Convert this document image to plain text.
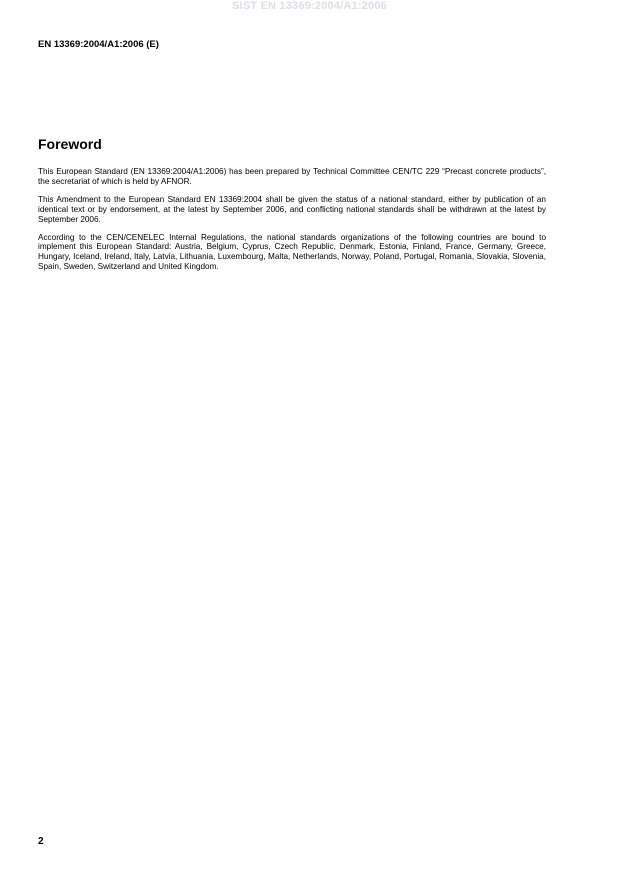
SIST EN 13369:2004/A1:2006
EN 13369:2004/A1:2006 (E)
Foreword

This European Standard (EN 13369:2004/A1:2006) has been prepared by Technical Committee CEN/TC 229 “Precast concrete products”, the secretariat of which is held by AFNOR.

This Amendment to the European Standard EN 13369:2004 shall be given the status of a national standard, either by publication of an identical text or by endorsement, at the latest by September 2006, and conflicting national standards shall be withdrawn at the latest by September 2006.

According to the CEN/CENELEC Internal Regulations, the national standards organizations of the following countries are bound to implement this European Standard: Austria, Belgium, Cyprus, Czech Republic, Denmark, Estonia, Finland, France, Germany, Greece, Hungary, Iceland, Ireland, Italy, Latvia, Lithuania, Luxembourg, Malta, Netherlands, Norway, Poland, Portugal, Romania, Slovakia, Slovenia, Spain, Sweden, Switzerland and United Kingdom.

2
